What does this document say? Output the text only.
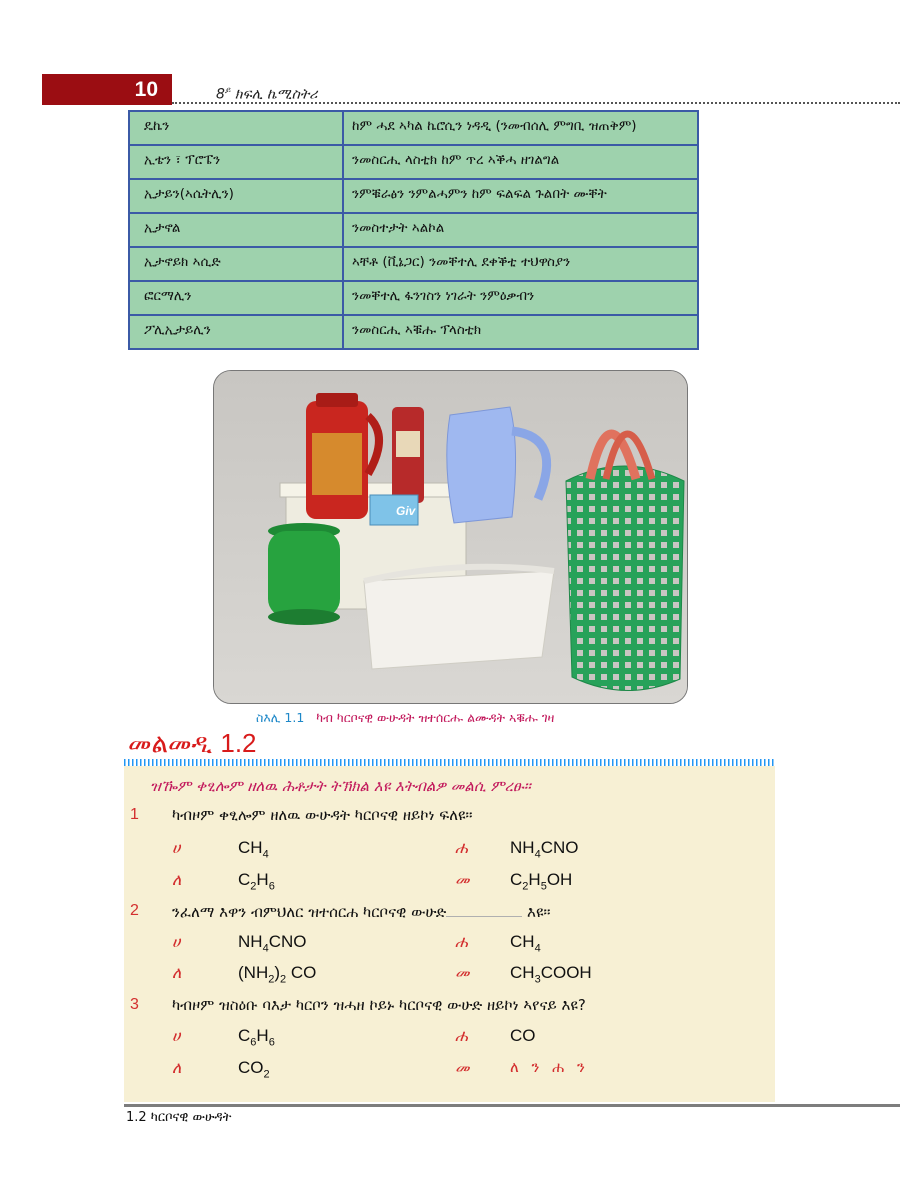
10	$8^ይ$ ክፍሊ ኬሚስትሪ
ዴኬን	ከም ሓደ ኣካል ኬሮሲን ነዳዲ (ንመብሰሊ ምግቢ ዝጠቅም)
ኢቴን ፣ ፕሮፔን	ንመስርሒ ላስቲክ ከም ጥረ ኣቕሓ ዘገልግል
ኢታይን(ኣሴትሊን)	ንምቑራፅን ንምልሓምን ከም ፍልፍል ጉልበት ሙቐት
ኢታኖል	ንመስተታት ኣልኮል
ኢታኖይክ ኣሲድ	ኣቸቶ (ቪኔጋር) ንመቐተሊ ደቀቕቲ ተህዋስያን
ፎርማሊን	ንመቐተሊ ፋንገስን ነገራት ንምዕቃብን
ፖሊኢታይሊን	ንመስርሒ ኣቑሑ ፕላስቲክ
Giv
ስእሊ 1.1 ካብ ካርቦናዊ ውሁዳት ዝተሰርሑ ልሙዳት ኣቑሑ ገዛ
መልመዲ 1.2
ዝዀም ቀፂሎም ዘለዉ ሕቶታት ትኽክል እዩ እትብልዎ መልሲ ምረፁ።
1 ካብዞም ቀፂሎም ዘለዉ ውሁዳት ካርቦናዊ ዘይኮነ ፍለዩ።
ሀ	$CH_4$	ሐ $NH_4CNO$
ለ	$C_2H_6$	መ $C_2H_5OH$
2 ንፈለማ እዋን ብምህለር ዝተሰርሐ ካርቦናዊ ውሁድ	እዩ።
ሀ	$NH_4CNO$	ሐ $CH_4$
ለ	$(NH_2)_2$ CO	መ $CH_3COOH$
3 ካብዞም ዝስዕቡ ባእታ ካርቦን ዝሓዘ ኮይኑ ካርቦናዊ ውሁድ ዘይኮነ ኣየናይ እዩ?
ሀ	$C_6H_6$	ሐ CO
ለ	$CO_2$	መ	ለ ን ሐ ን
1.2 ካርቦናዊ ውሁዳት
